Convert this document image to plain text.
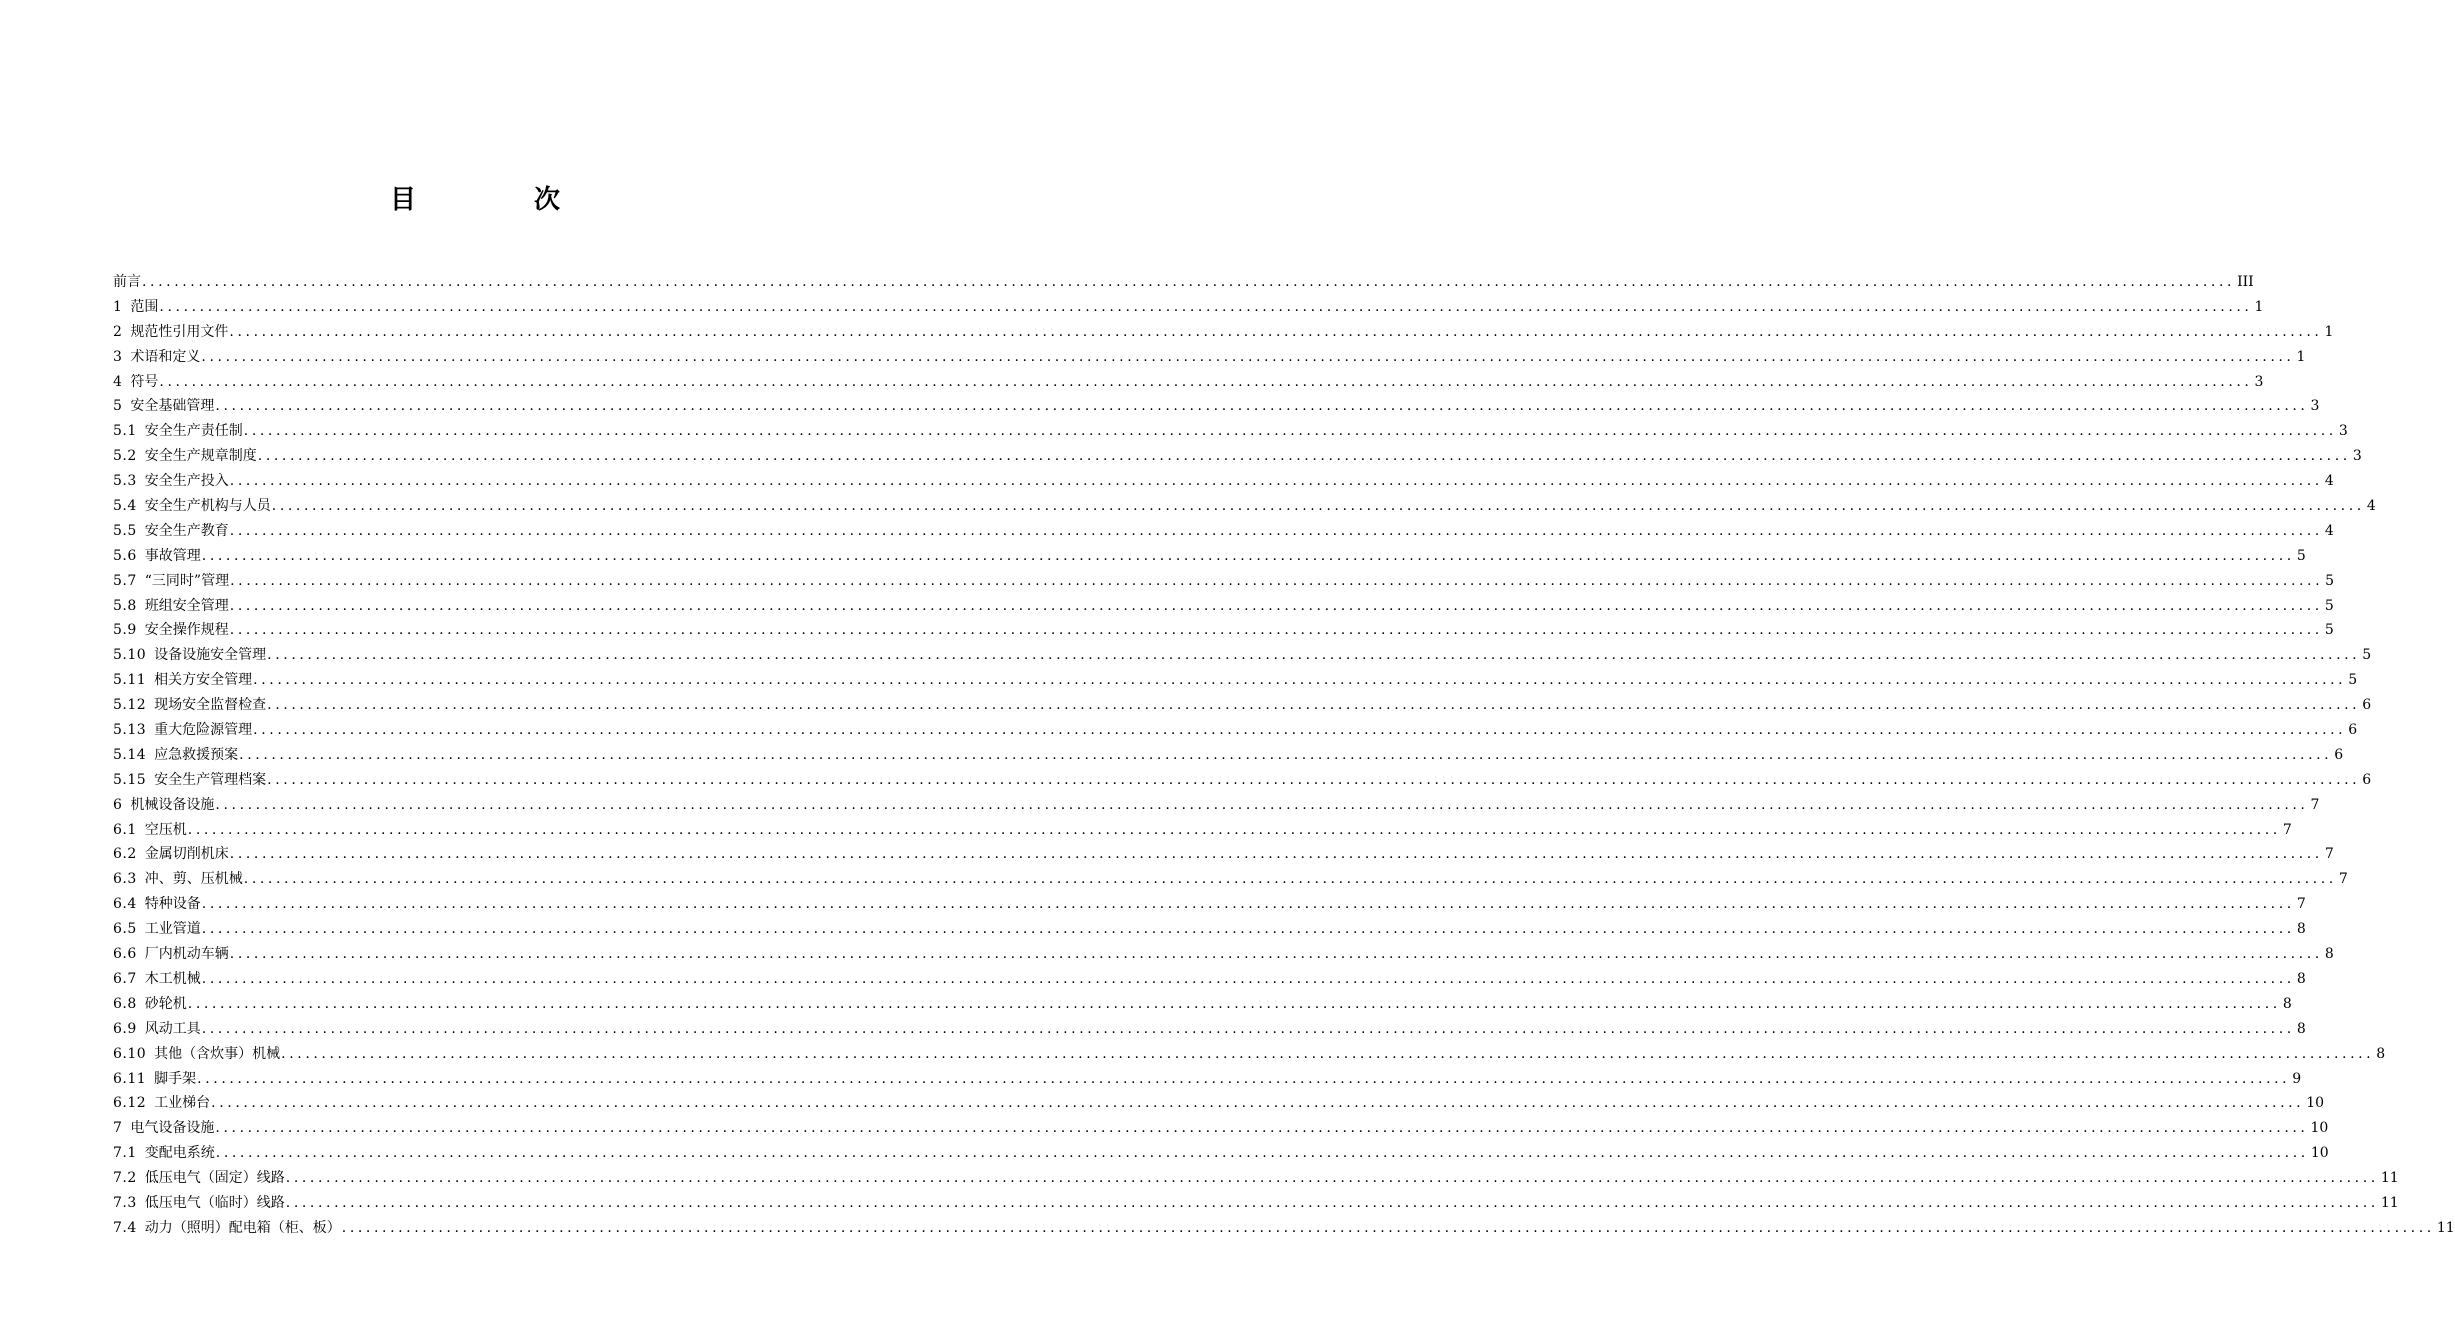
目　次
前言 .................................................................................................................................................................................................................................................................... III
1 范围 .................................................................................................................................................................................................................................................................... 1
2 规范性引用文件 .................................................................................................................................................................................................................................................................... 1
3 术语和定义 .................................................................................................................................................................................................................................................................... 1
4 符号 .................................................................................................................................................................................................................................................................... 3
5 安全基础管理 .................................................................................................................................................................................................................................................................... 3
5.1 安全生产责任制 .................................................................................................................................................................................................................................................................... 3
5.2 安全生产规章制度 .................................................................................................................................................................................................................................................................... 3
5.3 安全生产投入 .................................................................................................................................................................................................................................................................... 4
5.4 安全生产机构与人员 .................................................................................................................................................................................................................................................................... 4
5.5 安全生产教育 .................................................................................................................................................................................................................................................................... 4
5.6 事故管理 .................................................................................................................................................................................................................................................................... 5
5.7 “三同时”管理 .................................................................................................................................................................................................................................................................... 5
5.8 班组安全管理 .................................................................................................................................................................................................................................................................... 5
5.9 安全操作规程 .................................................................................................................................................................................................................................................................... 5
5.10 设备设施安全管理 .................................................................................................................................................................................................................................................................... 5
5.11 相关方安全管理 .................................................................................................................................................................................................................................................................... 5
5.12 现场安全监督检查 .................................................................................................................................................................................................................................................................... 6
5.13 重大危险源管理 .................................................................................................................................................................................................................................................................... 6
5.14 应急救援预案 .................................................................................................................................................................................................................................................................... 6
5.15 安全生产管理档案 .................................................................................................................................................................................................................................................................... 6
6 机械设备设施 .................................................................................................................................................................................................................................................................... 7
6.1 空压机 .................................................................................................................................................................................................................................................................... 7
6.2 金属切削机床 .................................................................................................................................................................................................................................................................... 7
6.3 冲、剪、压机械 .................................................................................................................................................................................................................................................................... 7
6.4 特种设备 .................................................................................................................................................................................................................................................................... 7
6.5 工业管道 .................................................................................................................................................................................................................................................................... 8
6.6 厂内机动车辆 .................................................................................................................................................................................................................................................................... 8
6.7 木工机械 .................................................................................................................................................................................................................................................................... 8
6.8 砂轮机 .................................................................................................................................................................................................................................................................... 8
6.9 风动工具 .................................................................................................................................................................................................................................................................... 8
6.10 其他（含炊事）机械 .................................................................................................................................................................................................................................................................... 8
6.11 脚手架 .................................................................................................................................................................................................................................................................... 9
6.12 工业梯台 .................................................................................................................................................................................................................................................................... 10
7 电气设备设施 .................................................................................................................................................................................................................................................................... 10
7.1 变配电系统 .................................................................................................................................................................................................................................................................... 10
7.2 低压电气（固定）线路 .................................................................................................................................................................................................................................................................... 11
7.3 低压电气（临时）线路 .................................................................................................................................................................................................................................................................... 11
7.4 动力（照明）配电箱（柜、板） .................................................................................................................................................................................................................................................................... 11
